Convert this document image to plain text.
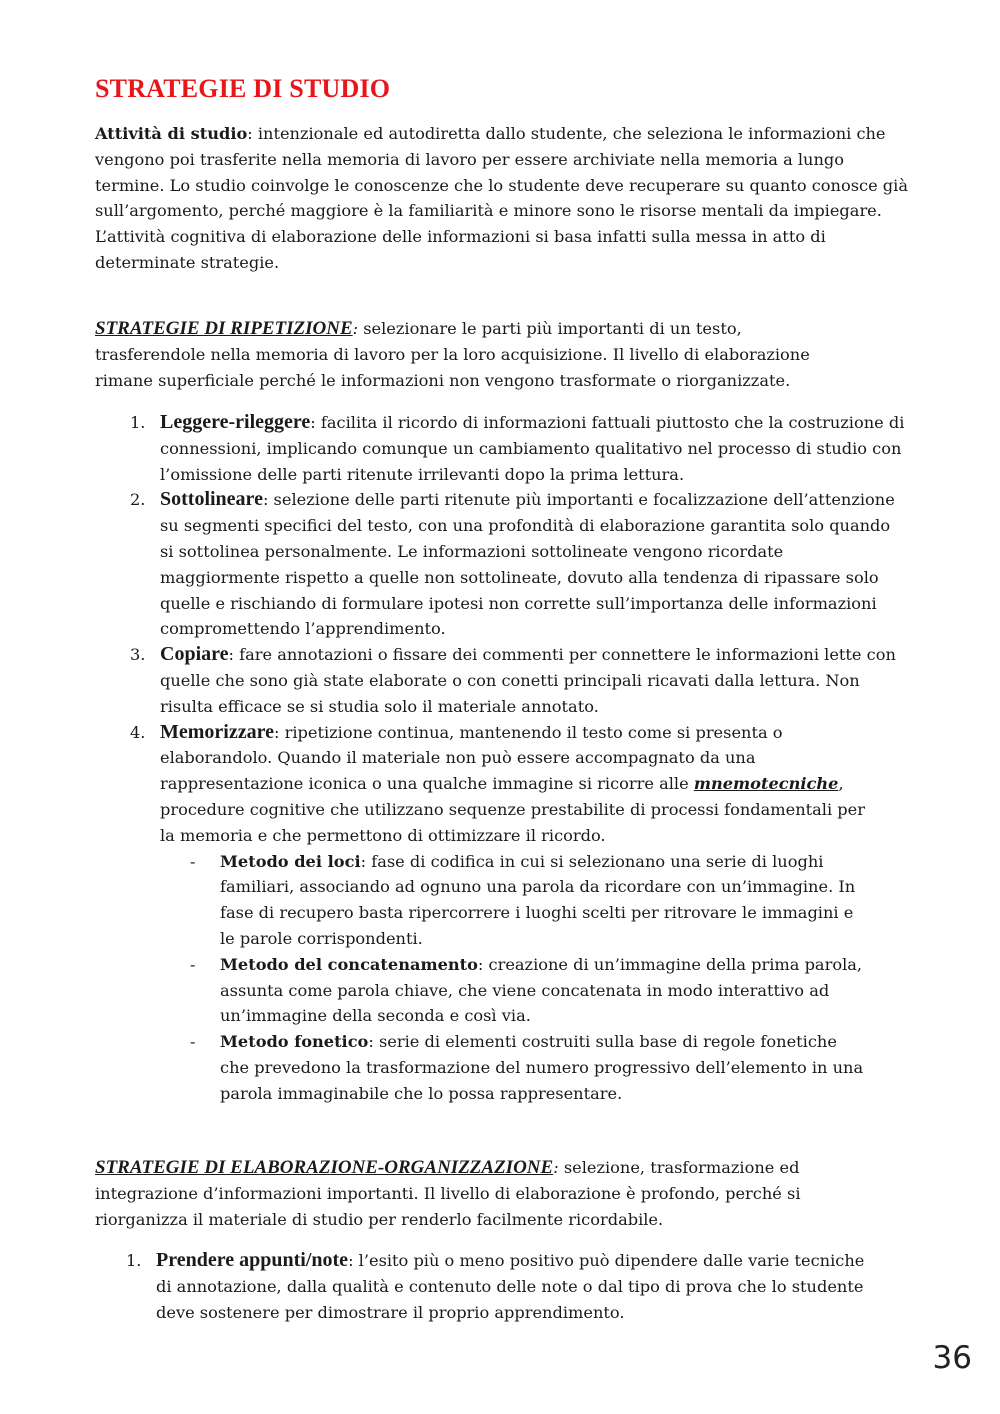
STRATEGIE DI STUDIO

Attività di studio: intenzionale ed autodiretta dallo studente, che seleziona le informazioni che vengono poi trasferite nella memoria di lavoro per essere archiviate nella memoria a lungo termine. Lo studio coinvolge le conoscenze che lo studente deve recuperare su quanto conosce già sull’argomento, perché maggiore è la familiarità e minore sono le risorse mentali da impiegare. L’attività cognitiva di elaborazione delle informazioni si basa infatti sulla messa in atto di determinate strategie.

STRATEGIE DI RIPETIZIONE: selezionare le parti più importanti di un testo, trasferendole nella memoria di lavoro per la loro acquisizione. Il livello di elaborazione rimane superficiale perché le informazioni non vengono trasformate o riorganizzate.

1. Leggere-rileggere: facilita il ricordo di informazioni fattuali piuttosto che la costruzione di connessioni, implicando comunque un cambiamento qualitativo nel processo di studio con l’omissione delle parti ritenute irrilevanti dopo la prima lettura.
2. Sottolineare: selezione delle parti ritenute più importanti e focalizzazione dell’attenzione su segmenti specifici del testo, con una profondità di elaborazione garantita solo quando si sottolinea personalmente. Le informazioni sottolineate vengono ricordate maggiormente rispetto a quelle non sottolineate, dovuto alla tendenza di ripassare solo quelle e rischiando di formulare ipotesi non corrette sull’importanza delle informazioni compromettendo l’apprendimento.
3. Copiare: fare annotazioni o fissare dei commenti per connettere le informazioni lette con quelle che sono già state elaborate o con conetti principali ricavati dalla lettura. Non risulta efficace se si studia solo il materiale annotato.
4. Memorizzare: ripetizione continua, mantenendo il testo come si presenta o elaborandolo. Quando il materiale non può essere accompagnato da una rappresentazione iconica o una qualche immagine si ricorre alle mnemotecniche, procedure cognitive che utilizzano sequenze prestabilite di processi fondamentali per la memoria e che permettono di ottimizzare il ricordo.
- Metodo dei loci: fase di codifica in cui si selezionano una serie di luoghi familiari, associando ad ognuno una parola da ricordare con un’immagine. In fase di recupero basta ripercorrere i luoghi scelti per ritrovare le immagini e le parole corrispondenti.
- Metodo del concatenamento: creazione di un’immagine della prima parola, assunta come parola chiave, che viene concatenata in modo interattivo ad un’immagine della seconda e così via.
- Metodo fonetico: serie di elementi costruiti sulla base di regole fonetiche che prevedono la trasformazione del numero progressivo dell’elemento in una parola immaginabile che lo possa rappresentare.

STRATEGIE DI ELABORAZIONE-ORGANIZZAZIONE: selezione, trasformazione ed integrazione d’informazioni importanti. Il livello di elaborazione è profondo, perché si riorganizza il materiale di studio per renderlo facilmente ricordabile.

1. Prendere appunti/note: l’esito più o meno positivo può dipendere dalle varie tecniche di annotazione, dalla qualità e contenuto delle note o dal tipo di prova che lo studente deve sostenere per dimostrare il proprio apprendimento.
36
